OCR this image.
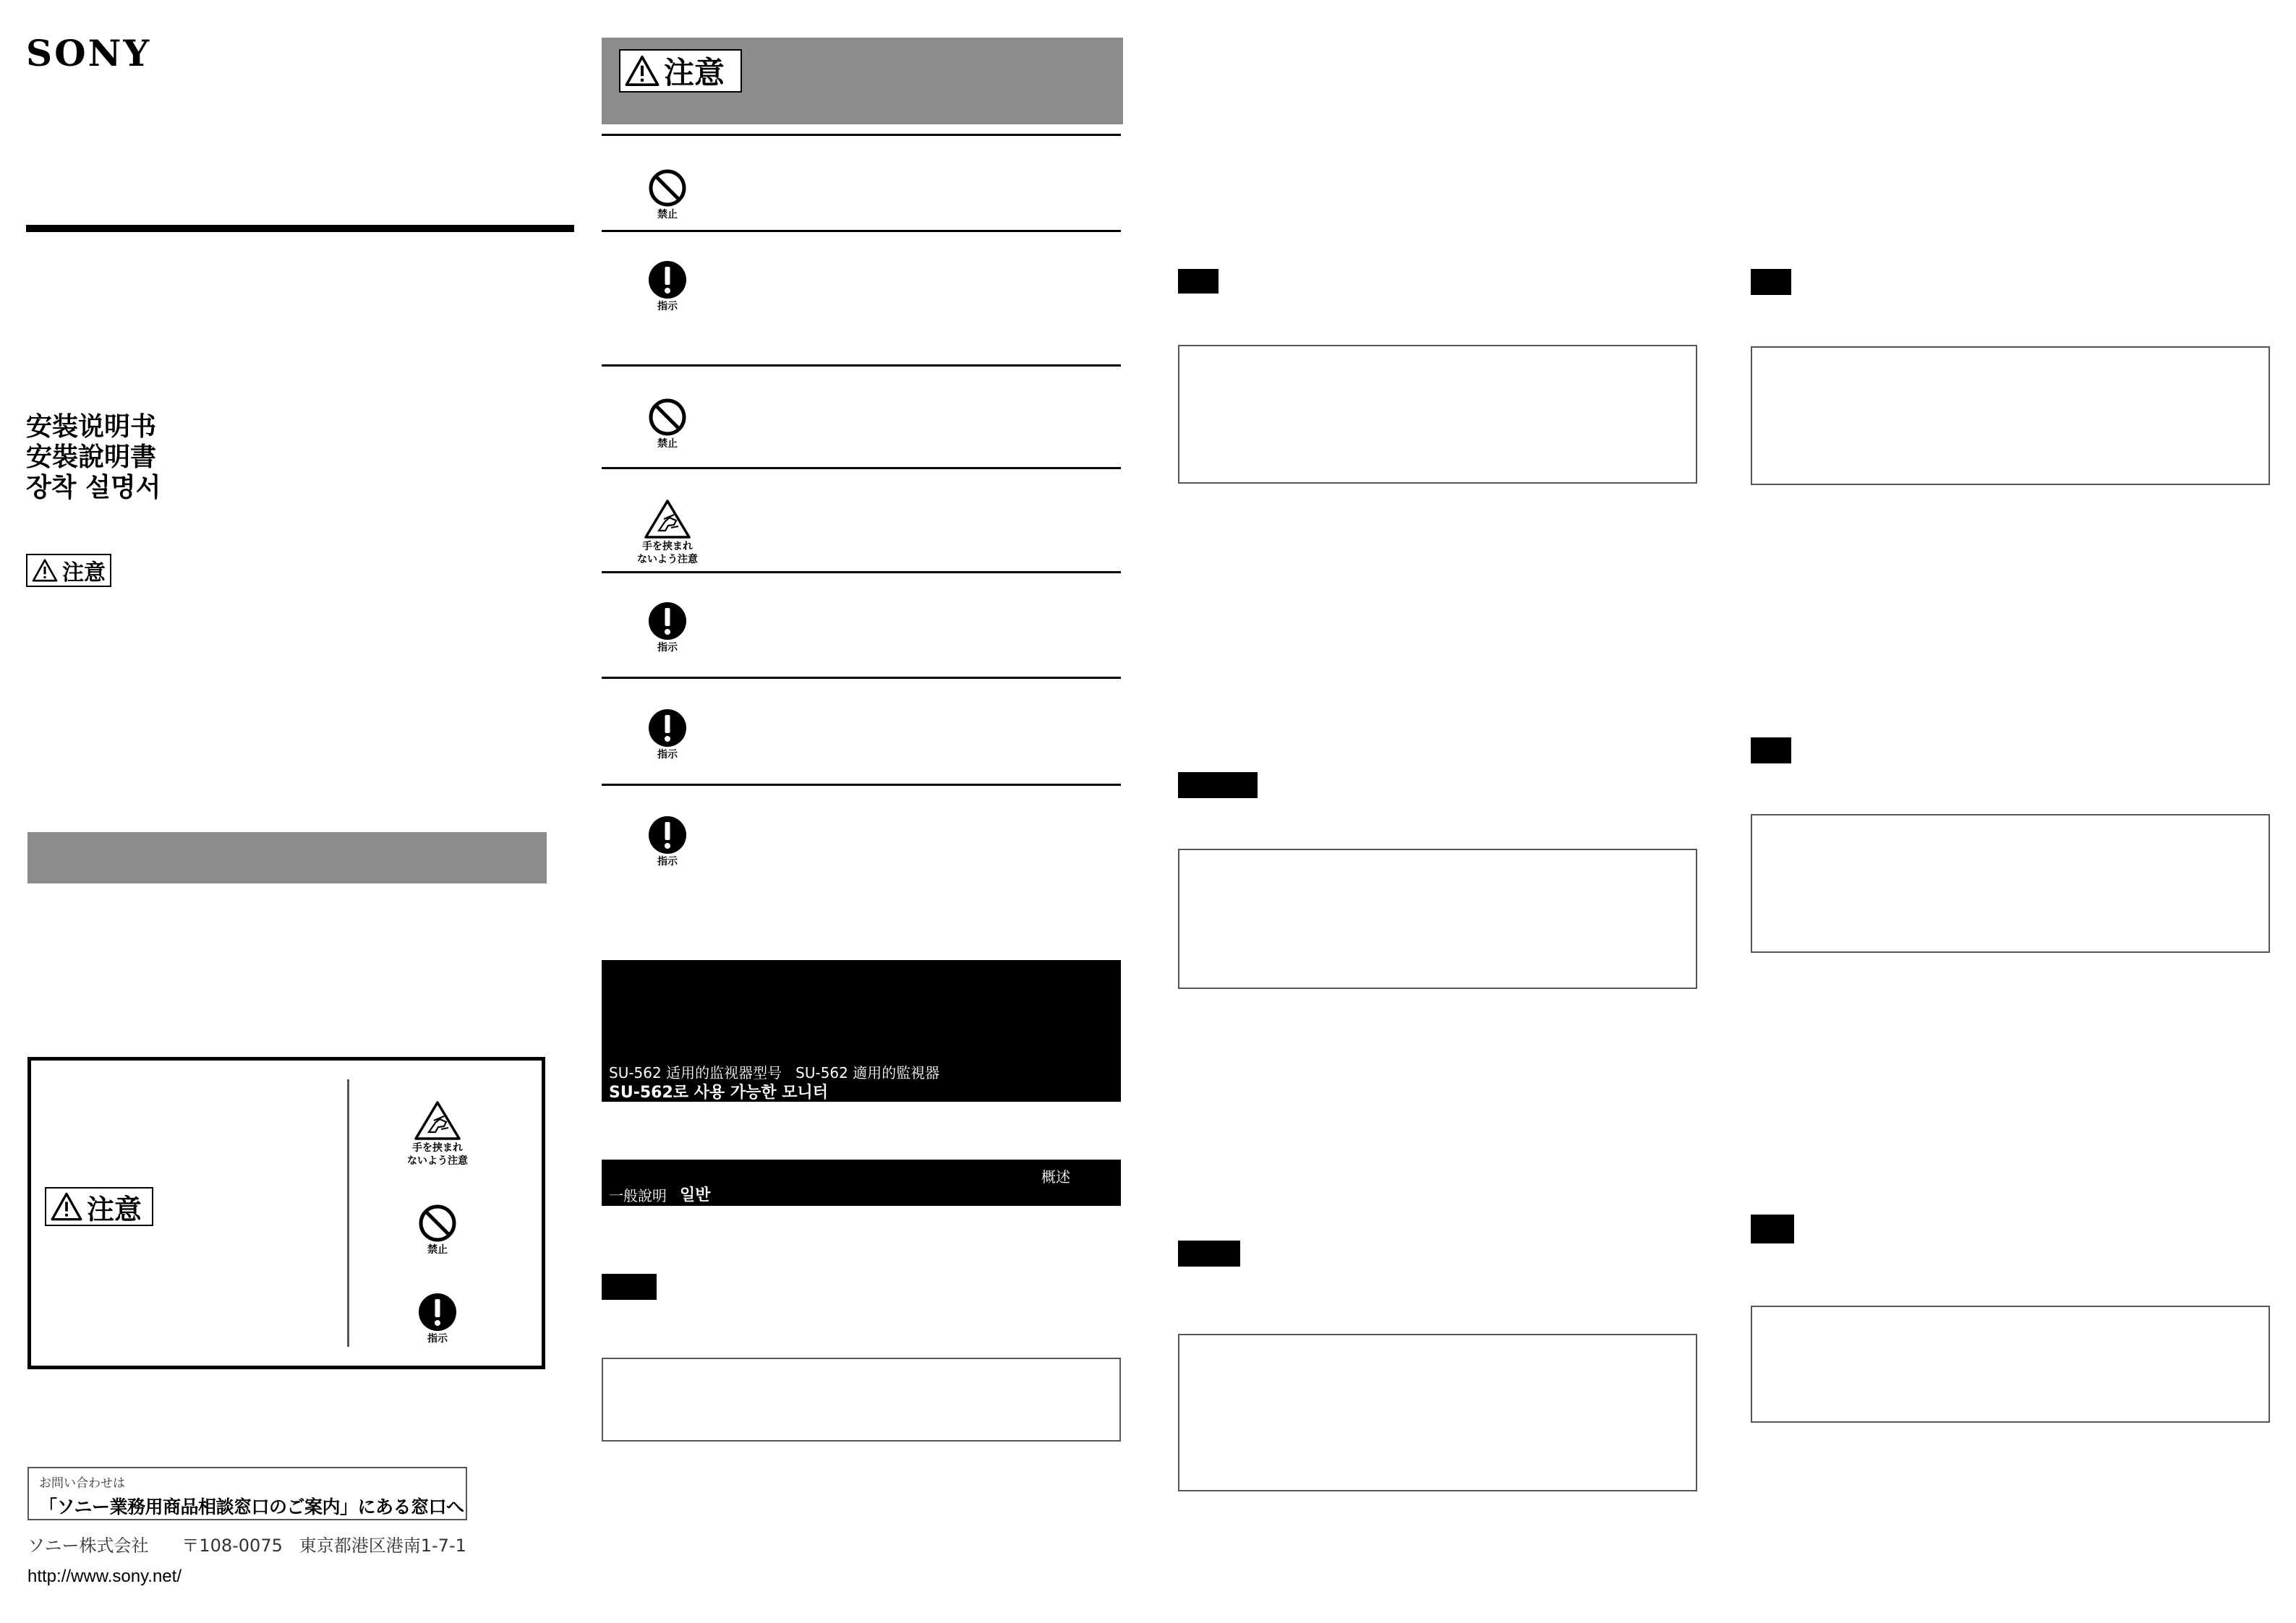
SONY
安装说明书
安裝說明書
장착 설명서
注意
注意
手を挟まれ
ないよう注意
禁止
指示
お問い合わせは
「ソニー業務用商品相談窓口のご案内」にある窓口へ
ソニー株式会社 〒108-0075 東京都港区港南1-7-1
http://www.sony.net/
注意
禁止
指示
禁止
手を挟まれ
ないよう注意
指示
指示
指示
SU-562 适用的监视器型号   SU-562 適用的監視器
SU-562로 사용 가능한 모니터
概述
一般說明 일반
